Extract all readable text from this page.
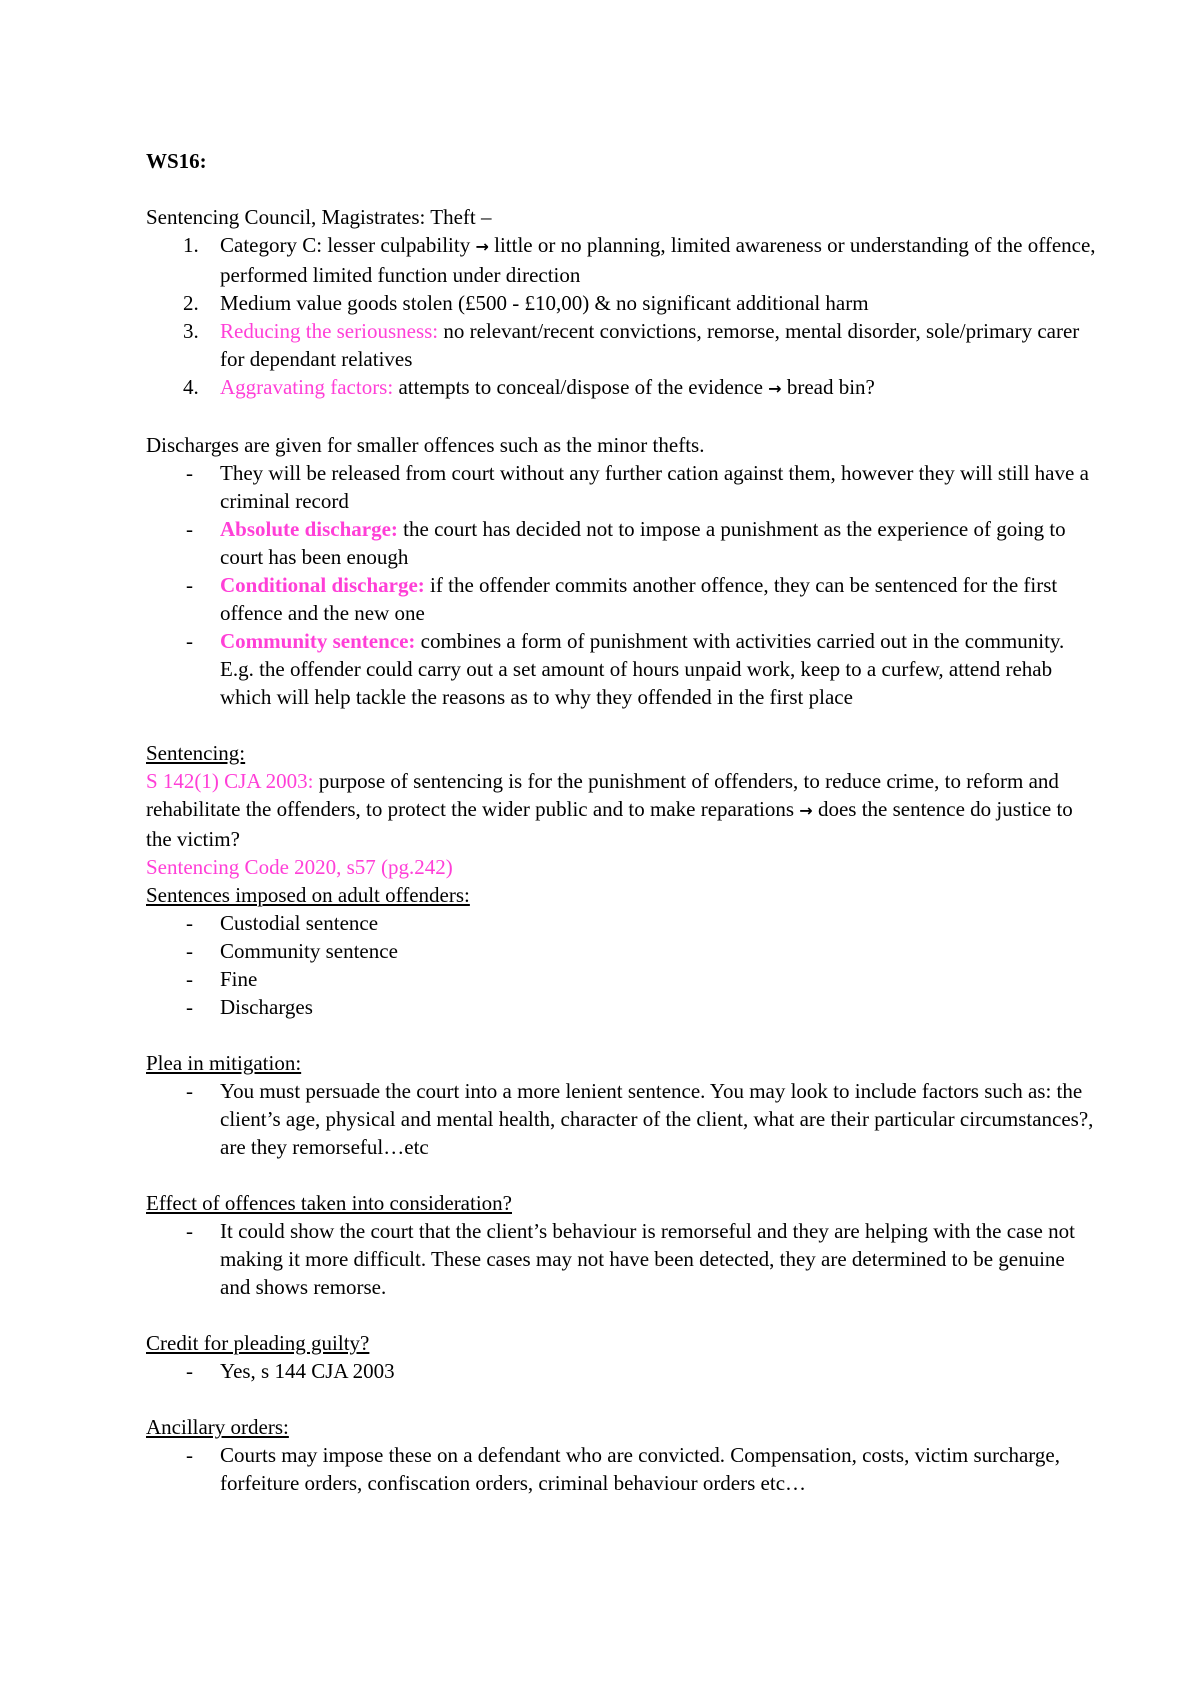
WS16:

Sentencing Council, Magistrates: Theft –

1. Category C: lesser culpability → little or no planning, limited awareness or understanding of the offence, performed limited function under direction
2. Medium value goods stolen (£500 - £10,00) & no significant additional harm
3. Reducing the seriousness: no relevant/recent convictions, remorse, mental disorder, sole/primary carer for dependant relatives
4. Aggravating factors: attempts to conceal/dispose of the evidence → bread bin?

Discharges are given for smaller offences such as the minor thefts.

- They will be released from court without any further cation against them, however they will still have a criminal record
- Absolute discharge: the court has decided not to impose a punishment as the experience of going to court has been enough
- Conditional discharge: if the offender commits another offence, they can be sentenced for the first offence and the new one
- Community sentence: combines a form of punishment with activities carried out in the community. E.g. the offender could carry out a set amount of hours unpaid work, keep to a curfew, attend rehab which will help tackle the reasons as to why they offended in the first place

Sentencing:

S 142(1) CJA 2003: purpose of sentencing is for the punishment of offenders, to reduce crime, to reform and rehabilitate the offenders, to protect the wider public and to make reparations → does the sentence do justice to the victim?

Sentencing Code 2020, s57 (pg.242)

Sentences imposed on adult offenders:

- Custodial sentence
- Community sentence
- Fine
- Discharges

Plea in mitigation:

- You must persuade the court into a more lenient sentence. You may look to include factors such as: the client’s age, physical and mental health, character of the client, what are their particular circumstances?, are they remorseful…etc

Effect of offences taken into consideration?

- It could show the court that the client’s behaviour is remorseful and they are helping with the case not making it more difficult. These cases may not have been detected, they are determined to be genuine and shows remorse.

Credit for pleading guilty?

- Yes, s 144 CJA 2003

Ancillary orders:

- Courts may impose these on a defendant who are convicted. Compensation, costs, victim surcharge, forfeiture orders, confiscation orders, criminal behaviour orders etc…
